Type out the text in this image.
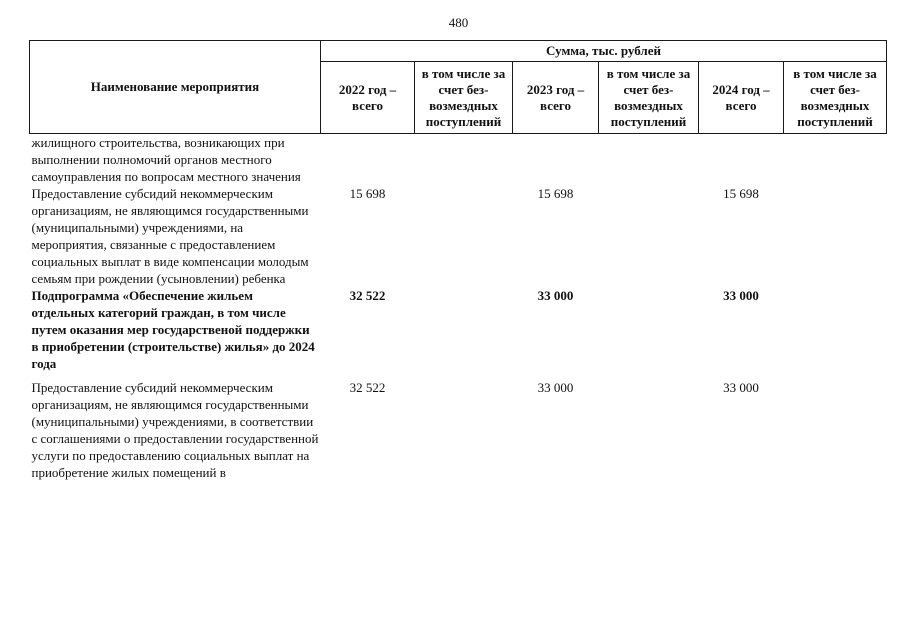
480
Наименование мероприятия	Сумма, тыс. рублей					
	2022 год – всего	в том числе за счет без-возмездных поступлений	2023 год – всего	в том числе за счет без-возмездных поступлений	2024 год – всего	в том числе за счет без-возмездных поступлений
жилищного строительства, возникающих при выполнении полномочий органов местного самоуправления по вопросам местного значения						
Предоставление субсидий некоммерческим организациям, не являющимся государственными (муниципальными) учреждениями, на мероприятия, связанные с предоставлением социальных выплат в виде компенсации молодым семьям при рождении (усыновлении) ребенка	15 698		15 698		15 698	
Подпрограмма «Обеспечение жильем отдельных категорий граждан, в том числе путем оказания мер государственой поддержки в приобретении (строительстве) жилья» до 2024 года	32 522		33 000		33 000	
Предоставление субсидий некоммерческим организациям, не являющимся государственными (муниципальными) учреждениями, в соответствии с соглашениями о предоставлении государственной услуги по предоставлению социальных выплат на приобретение жилых помещений в	32 522		33 000		33 000	
